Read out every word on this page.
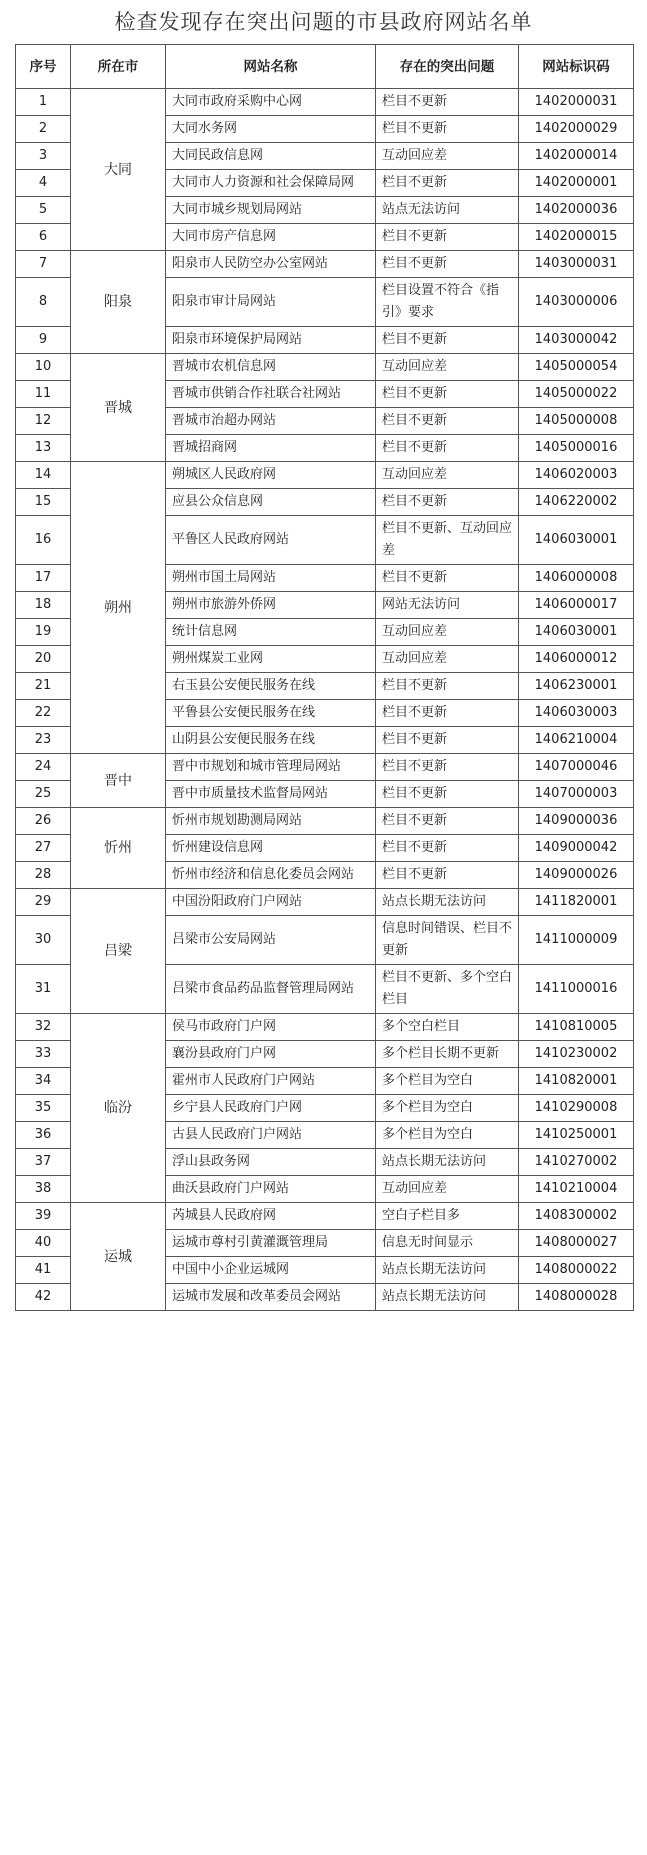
检查发现存在突出问题的市县政府网站名单
序号	所在市	网站名称	存在的突出问题	网站标识码
1	大同	大同市政府采购中心网	栏目不更新	1402000031
2		大同水务网	栏目不更新	1402000029
3		大同民政信息网	互动回应差	1402000014
4		大同市人力资源和社会保障局网	栏目不更新	1402000001
5		大同市城乡规划局网站	站点无法访问	1402000036
6		大同市房产信息网	栏目不更新	1402000015
7	阳泉	阳泉市人民防空办公室网站	栏目不更新	1403000031
8		阳泉市审计局网站	栏目设置不符合《指引》要求	1403000006
9		阳泉市环境保护局网站	栏目不更新	1403000042
10	晋城	晋城市农机信息网	互动回应差	1405000054
11		晋城市供销合作社联合社网站	栏目不更新	1405000022
12		晋城市治超办网站	栏目不更新	1405000008
13		晋城招商网	栏目不更新	1405000016
14	朔州	朔城区人民政府网	互动回应差	1406020003
15		应县公众信息网	栏目不更新	1406220002
16		平鲁区人民政府网站	栏目不更新、互动回应差	1406030001
17		朔州市国土局网站	栏目不更新	1406000008
18		朔州市旅游外侨网	网站无法访问	1406000017
19		统计信息网	互动回应差	1406030001
20		朔州煤炭工业网	互动回应差	1406000012
21		右玉县公安便民服务在线	栏目不更新	1406230001
22		平鲁县公安便民服务在线	栏目不更新	1406030003
23		山阴县公安便民服务在线	栏目不更新	1406210004
24	晋中	晋中市规划和城市管理局网站	栏目不更新	1407000046
25		晋中市质量技术监督局网站	栏目不更新	1407000003
26	忻州	忻州市规划勘测局网站	栏目不更新	1409000036
27		忻州建设信息网	栏目不更新	1409000042
28		忻州市经济和信息化委员会网站	栏目不更新	1409000026
29	吕梁	中国汾阳政府门户网站	站点长期无法访问	1411820001
30		吕梁市公安局网站	信息时间错误、栏目不更新	1411000009
31		吕梁市食品药品监督管理局网站	栏目不更新、多个空白栏目	1411000016
32	临汾	侯马市政府门户网	多个空白栏目	1410810005
33		襄汾县政府门户网	多个栏目长期不更新	1410230002
34		霍州市人民政府门户网站	多个栏目为空白	1410820001
35		乡宁县人民政府门户网	多个栏目为空白	1410290008
36		古县人民政府门户网站	多个栏目为空白	1410250001
37		浮山县政务网	站点长期无法访问	1410270002
38		曲沃县政府门户网站	互动回应差	1410210004
39	运城	芮城县人民政府网	空白子栏目多	1408300002
40		运城市尊村引黄灌溉管理局	信息无时间显示	1408000027
41		中国中小企业运城网	站点长期无法访问	1408000022
42		运城市发展和改革委员会网站	站点长期无法访问	1408000028
